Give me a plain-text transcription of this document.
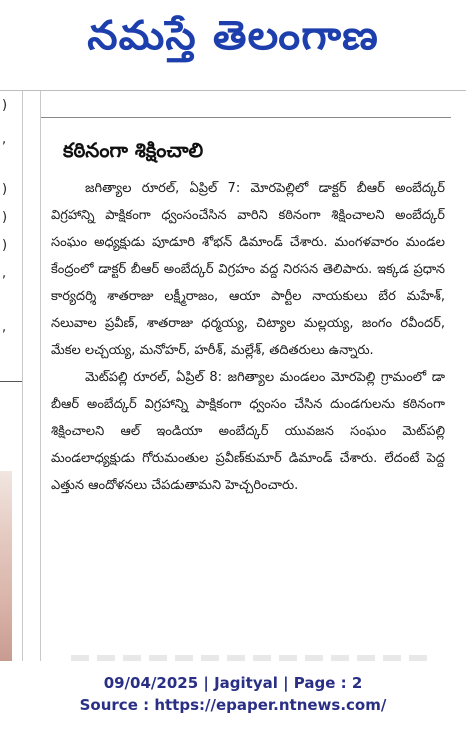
నమస్తే తెలంగాణ
)
,
)
)
)
,
,
కఠినంగా శిక్షించాలి

జగిత్యాల రూరల్, ఏప్రిల్ 7: మోరపెల్లిలో డాక్టర్ బీఆర్ అంబేద్కర్ విగ్రహాన్ని పాక్షికంగా ధ్వంసంచేసిన వారిని కఠినంగా శిక్షించాలని అంబేద్కర్ సంఘం అధ్యక్షుడు పూడూరి శోభన్ డిమాండ్ చేశారు. మంగళవారం మండల కేంద్రంలో డాక్టర్ బీఆర్ అంబేద్కర్ విగ్రహం వద్ద నిరసన తెలిపారు. ఇక్కడ ప్రధాన కార్యదర్శి శాతరాజు లక్ష్మీరాజం, ఆయా పార్టీల నాయకులు బేర మహేశ్, నలువాల ప్రవీణ్, శాతరాజు ధర్మయ్య, చిట్యాల మల్లయ్య, జంగం రవీందర్, మేకల లచ్చయ్య, మనోహర్, హరీశ్, మల్లేశ్, తదితరులు ఉన్నారు.

మెట్‌పల్లి రూరల్, ఏప్రిల్ 8: జగిత్యాల మండలం మోరపెల్లి గ్రామంలో డా బీఆర్ అంబేద్కర్ విగ్రహాన్ని పాక్షికంగా ధ్వంసం చేసిన దుండగులను కఠినంగా శిక్షించాలని ఆల్ ఇండియా అంబేద్కర్ యువజన సంఘం మెట్‌పల్లి మండలాధ్యక్షుడు గోరుమంతుల ప్రవీణ్‌కుమార్ డిమాండ్ చేశారు. లేదంటే పెద్ద ఎత్తున ఆందోళనలు చేపడుతామని హెచ్చరించారు.

09/04/2025 | Jagityal | Page : 2
Source : https://epaper.ntnews.com/
